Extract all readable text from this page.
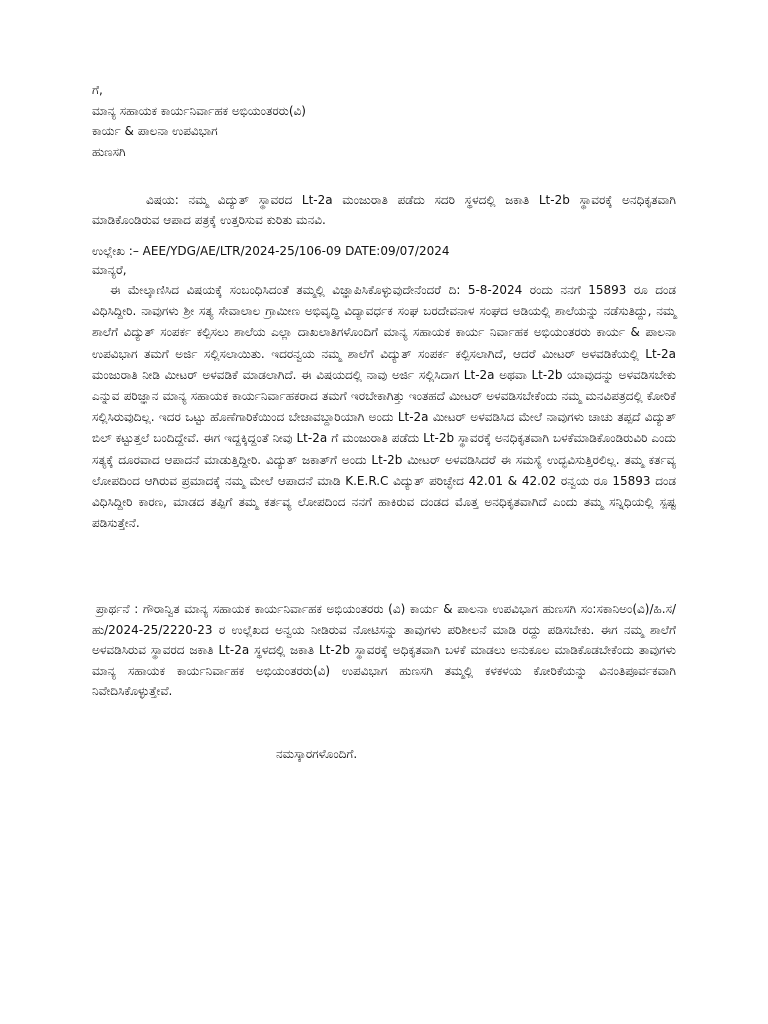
ಗೆ,
ಮಾನ್ಯ ಸಹಾಯಕ ಕಾರ್ಯನಿರ್ವಾಹಕ ಅಭಿಯಂತರರು(ವಿ)
ಕಾರ್ಯ & ಪಾಲನಾ ಉಪವಿಭಾಗ
ಹುಣಸಗಿ
ವಿಷಯ: ನಮ್ಮ ವಿದ್ಯುತ್ ಸ್ಥಾವರದ Lt-2a ಮಂಜುರಾತಿ ಪಡೆದು ಸದರಿ ಸ್ಥಳದಲ್ಲಿ ಜಕಾತಿ Lt-2b ಸ್ಥಾವರಕ್ಕೆ ಅನಧಿಕೃತವಾಗಿ ಮಾಡಿಕೊಂಡಿರುವ ಆಪಾದ ಪತ್ರಕ್ಕೆ ಉತ್ತರಿಸುವ ಕುರಿತು ಮನವಿ.
ಉಲ್ಲೇಖ :– AEE/YDG/AE/LTR/2024-25/106-09 DATE:09/07/2024
ಮಾನ್ಯರೆ,
ಈ ಮೇಲ್ಕಾಣಿಸಿದ ವಿಷಯಕ್ಕೆ ಸಂಬಂಧಿಸಿದಂತೆ ತಮ್ಮಲ್ಲಿ ವಿಜ್ಞಾಪಿಸಿಕೊಳ್ಳುವುದೇನೆಂದರೆ ದಿ: 5-8-2024 ರಂದು ನನಗೆ 15893 ರೂ ದಂಡ ವಿಧಿಸಿದ್ದೀರಿ. ನಾವುಗಳು ಶ್ರೀ ಸತ್ಯ ಸೇವಾಲಾಲ ಗ್ರಾಮೀಣ ಅಭಿವೃದ್ಧಿ ವಿದ್ಯಾವರ್ಧಕ ಸಂಘ ಬರದೇವನಾಳ ಸಂಘದ ಅಡಿಯಲ್ಲಿ ಶಾಲೆಯನ್ನು ನಡೆಸುತಿದ್ದು, ನಮ್ಮ ಶಾಲೆಗೆ ವಿದ್ಯುತ್ ಸಂಪರ್ಕ ಕಲ್ಪಿಸಲು ಶಾಲೆಯ ಎಲ್ಲಾ ದಾಖಲಾತಿಗಳೊಂದಿಗೆ ಮಾನ್ಯ ಸಹಾಯಕ ಕಾರ್ಯ ನಿರ್ವಾಹಕ ಅಭಿಯಂತರರು ಕಾರ್ಯ & ಪಾಲನಾ ಉಪವಿಭಾಗ ತಮಗೆ ಅರ್ಜಿ ಸಲ್ಲಿಸಲಾಯಿತು. ಇದರನ್ವಯ ನಮ್ಮ ಶಾಲೆಗೆ ವಿದ್ಯುತ್ ಸಂಪರ್ಕ ಕಲ್ಪಿಸಲಾಗಿದೆ, ಆದರೆ ಮೀಟರ್ ಅಳವಡಿಕೆಯಲ್ಲಿ Lt-2a ಮಂಜುರಾತಿ ನೀಡಿ ಮೀಟರ್ ಅಳವಡಿಕೆ ಮಾಡಲಾಗಿದೆ. ಈ ವಿಷಯದಲ್ಲಿ ನಾವು ಅರ್ಜಿ ಸಲ್ಲಿಸಿದಾಗ Lt-2a ಅಥವಾ Lt-2b ಯಾವುದನ್ನು ಅಳವಡಿಸಬೇಕು ಎನ್ನುವ ಪರಿಜ್ಞಾನ ಮಾನ್ಯ ಸಹಾಯಕ ಕಾರ್ಯನಿರ್ವಾಹಕರಾದ ತಮಗೆ ಇರಬೇಕಾಗಿತ್ತು ಇಂತಹದೆ ಮೀಟರ್ ಅಳವಡಿಸಬೇಕೆಂದು ನಮ್ಮ ಮನವಿಪತ್ರದಲ್ಲಿ ಕೋರಿಕೆ ಸಲ್ಲಿಸಿರುವುದಿಲ್ಲ. ಇದರ ಒಟ್ಟು ಹೊಣೆಗಾರಿಕೆಯಿಂದ ಬೇಜಾವಬ್ದಾರಿಯಾಗಿ ಅಂದು Lt-2a ಮೀಟರ್ ಅಳವಡಿಸಿದ ಮೇಲೆ ನಾವುಗಳು ಚಾಚು ತಪ್ಪದೆ ವಿದ್ಯುತ್ ಬಿಲ್ ಕಟ್ಟುತ್ತಲೆ ಬಂದಿದ್ದೇವೆ. ಈಗ ಇದ್ದಕ್ಕಿದ್ದಂತೆ ನೀವು Lt-2a ಗೆ ಮಂಜುರಾತಿ ಪಡೆದು Lt-2b ಸ್ಥಾವರಕ್ಕೆ ಅನಧಿಕೃತವಾಗಿ ಬಳಕೆಮಾಡಿಕೊಂಡಿರುವಿರಿ ಎಂದು ಸತ್ಯಕ್ಕೆ ದೂರವಾದ ಆಪಾದನೆ ಮಾಡುತ್ತಿದ್ದೀರಿ. ವಿದ್ಯುತ್ ಜಕಾತ್‌ಗೆ ಅಂದು Lt-2b ಮೀಟರ್ ಅಳವಡಿಸಿದರೆ ಈ ಸಮಸ್ಯೆ ಉದ್ಭವಿಸುತ್ತಿರಲಿಲ್ಲ. ತಮ್ಮ ಕರ್ತವ್ಯ ಲೋಪದಿಂದ ಆಗಿರುವ ಪ್ರಮಾದಕ್ಕೆ ನಮ್ಮ ಮೇಲೆ ಆಪಾದನೆ ಮಾಡಿ K.E.R.C ವಿದ್ಯುತ್ ಪರಿಚ್ಛೇದ 42.01 & 42.02 ರನ್ವಯ ರೂ 15893 ದಂಡ ವಿಧಿಸಿದ್ದೀರಿ ಕಾರಣ, ಮಾಡದ ತಪ್ಪಿಗೆ ತಮ್ಮ ಕರ್ತವ್ಯ ಲೋಪದಿಂದ ನನಗೆ ಹಾಕಿರುವ ದಂಡದ ಮೊತ್ತ ಅನಧಿಕೃತವಾಗಿದೆ ಎಂದು ತಮ್ಮ ಸನ್ನಿಧಿಯಲ್ಲಿ ಸ್ಪಷ್ಟ ಪಡಿಸುತ್ತೇನೆ.
ಪ್ರಾರ್ಥನೆ : ಗೌರಾನ್ವಿತ ಮಾನ್ಯ ಸಹಾಯಕ ಕಾರ್ಯನಿರ್ವಾಹಕ ಅಭಿಯಂತರರು (ವಿ) ಕಾರ್ಯ & ಪಾಲನಾ ಉಪವಿಭಾಗ ಹುಣಸಗಿ ಸಂ:ಸಕಾನಿಅಂ(ವಿ)/ಹಿ.ಸ/ಹು/2024-25/2220-23 ರ ಉಲ್ಲೆಖದ ಅನ್ವಯ ನೀಡಿರುವ ನೋಟಿಸನ್ನು ತಾವುಗಳು ಪರಿಶೀಲನೆ ಮಾಡಿ ರದ್ದು ಪಡಿಸಬೇಕು. ಈಗ ನಮ್ಮ ಶಾಲೆಗೆ ಅಳವಡಿಸಿರುವ ಸ್ಥಾವರದ ಜಕಾತಿ Lt-2a ಸ್ಥಳದಲ್ಲಿ ಜಕಾತಿ Lt-2b ಸ್ಥಾವರಕ್ಕೆ ಅಧಿಕೃತವಾಗಿ ಬಳಕೆ ಮಾಡಲು ಅನುಕೂಲ ಮಾಡಿಕೊಡಬೇಕೆಂದು ತಾವುಗಳು ಮಾನ್ಯ ಸಹಾಯಕ ಕಾರ್ಯನಿರ್ವಾಹಕ ಅಭಿಯಂತರರು(ವಿ) ಉಪವಿಭಾಗ ಹುಣಸಗಿ ತಮ್ಮಲ್ಲಿ ಕಳಕಳಯ ಕೋರಿಕೆಯನ್ನು ವಿನಂತಿಪೂರ್ವಕವಾಗಿ ನಿವೇದಿಸಿಕೊಳ್ಳುತ್ತೇವೆ.
ನಮಸ್ಕಾರಗಳೊಂದಿಗೆ.
